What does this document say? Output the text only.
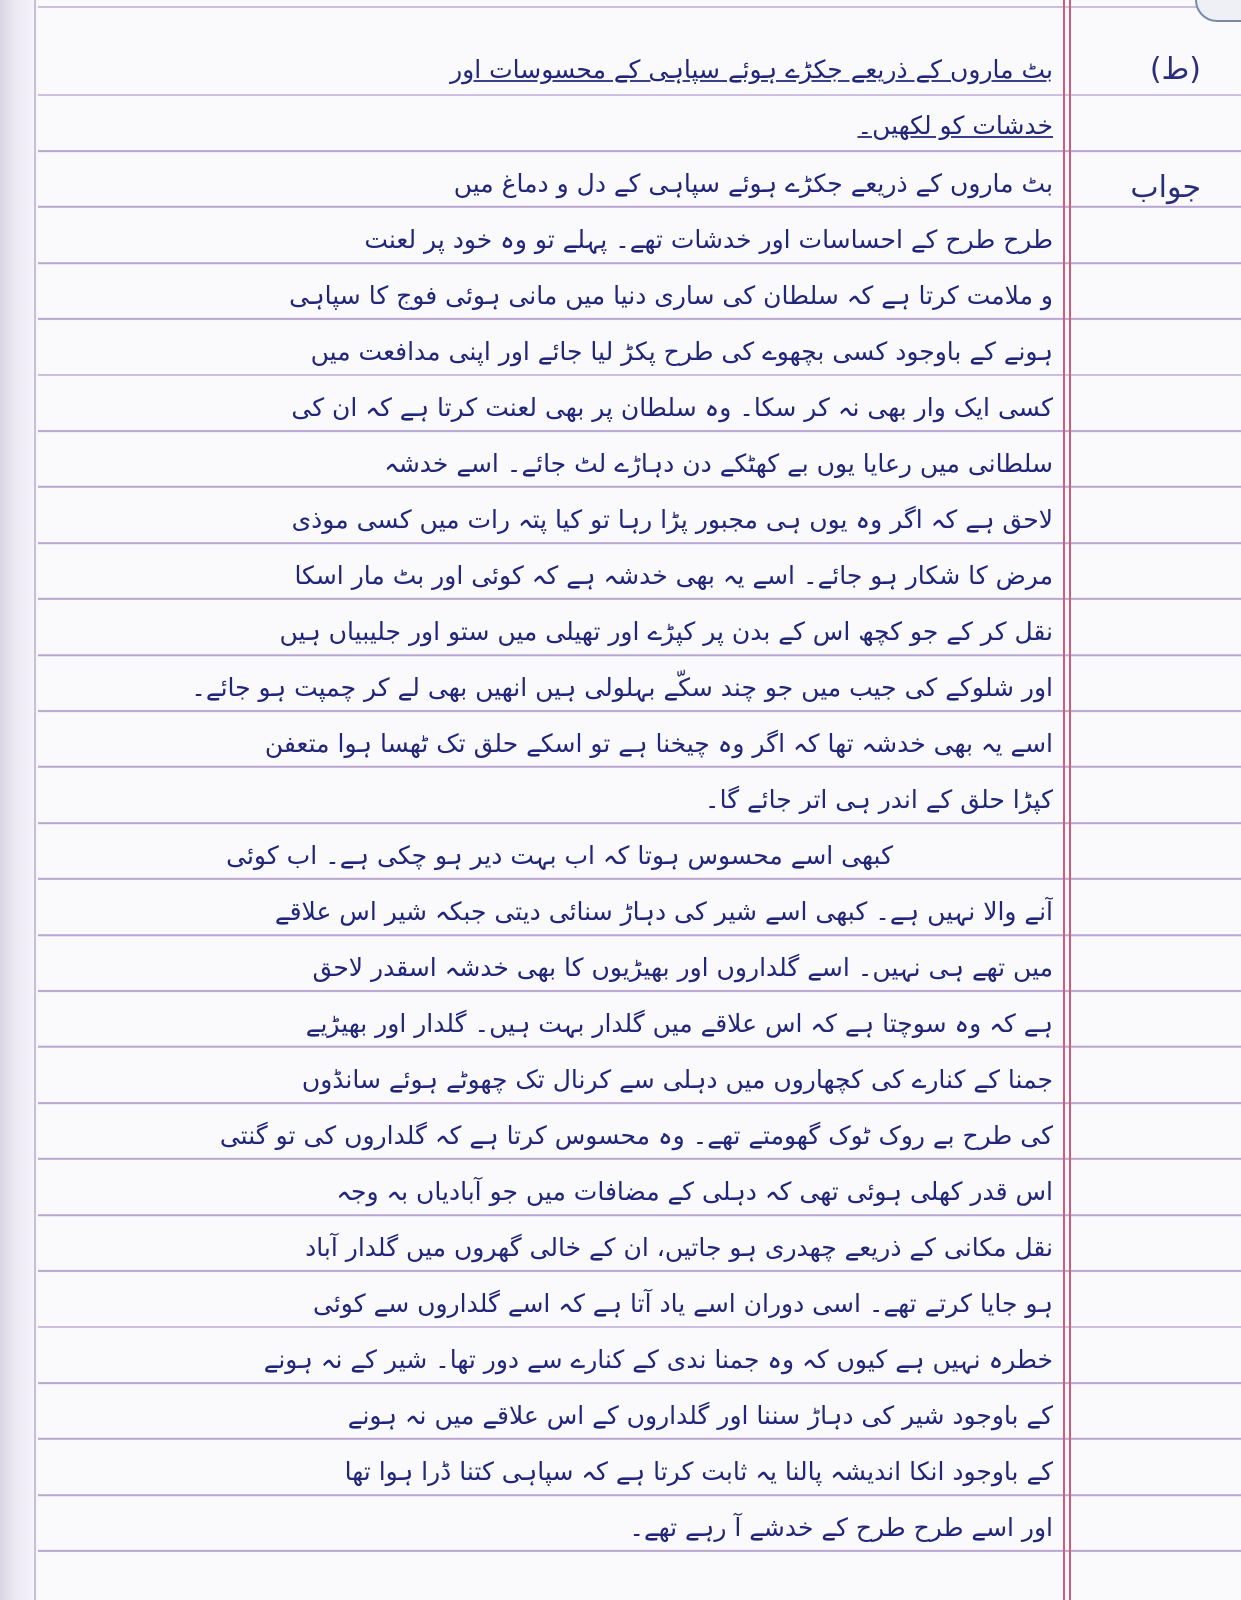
(ط)
جواب
بٹ ماروں کے ذریعے جکڑے ہوئے سپاہی کے محسوسات اور
خدشات کو لکھیں۔
بٹ ماروں کے ذریعے جکڑے ہوئے سپاہی کے دل و دماغ میں
طرح طرح کے احساسات اور خدشات تھے۔ پہلے تو وہ خود پر لعنت
و ملامت کرتا ہے کہ سلطان کی ساری دنیا میں مانی ہوئی فوج کا سپاہی
ہونے کے باوجود کسی بچھوے کی طرح پکڑ لیا جائے اور اپنی مدافعت میں
کسی ایک وار بھی نہ کر سکا۔ وہ سلطان پر بھی لعنت کرتا ہے کہ ان کی
سلطانی میں رعایا یوں بے کھٹکے دن دہاڑے لٹ جائے۔ اسے خدشہ
لاحق ہے کہ اگر وہ یوں ہی مجبور پڑا رہا تو کیا پتہ رات میں کسی موذی
مرض کا شکار ہو جائے۔ اسے یہ بھی خدشہ ہے کہ کوئی اور بٹ مار اسکا
نقل کر کے جو کچھ اس کے بدن پر کپڑے اور تھیلی میں ستو اور جلیبیاں ہیں
اور شلوکے کی جیب میں جو چند سکّے بہلولی ہیں انھیں بھی لے کر چمپت ہو جائے۔
اسے یہ بھی خدشہ تھا کہ اگر وہ چیخنا ہے تو اسکے حلق تک ٹھسا ہوا متعفن
کپڑا حلق کے اندر ہی اتر جائے گا۔
کبھی اسے محسوس ہوتا کہ اب بہت دیر ہو چکی ہے۔ اب کوئی
آنے والا نہیں ہے۔ کبھی اسے شیر کی دہاڑ سنائی دیتی جبکہ شیر اس علاقے
میں تھے ہی نہیں۔ اسے گلداروں اور بھیڑیوں کا بھی خدشہ اسقدر لاحق
ہے کہ وہ سوچتا ہے کہ اس علاقے میں گلدار بہت ہیں۔ گلدار اور بھیڑیے
جمنا کے کنارے کی کچھاروں میں دہلی سے کرنال تک چھوٹے ہوئے سانڈوں
کی طرح بے روک ٹوک گھومتے تھے۔ وہ محسوس کرتا ہے کہ گلداروں کی تو گنتی
اس قدر کھلی ہوئی تھی کہ دہلی کے مضافات میں جو آبادیاں بہ وجہ
نقل مکانی کے ذریعے چھدری ہو جاتیں، ان کے خالی گھروں میں گلدار آباد
ہو جایا کرتے تھے۔ اسی دوران اسے یاد آتا ہے کہ اسے گلداروں سے کوئی
خطرہ نہیں ہے کیوں کہ وہ جمنا ندی کے کنارے سے دور تھا۔ شیر کے نہ ہونے
کے باوجود شیر کی دہاڑ سننا اور گلداروں کے اس علاقے میں نہ ہونے
کے باوجود انکا اندیشہ پالنا یہ ثابت کرتا ہے کہ سپاہی کتنا ڈرا ہوا تھا
اور اسے طرح طرح کے خدشے آ رہے تھے۔
